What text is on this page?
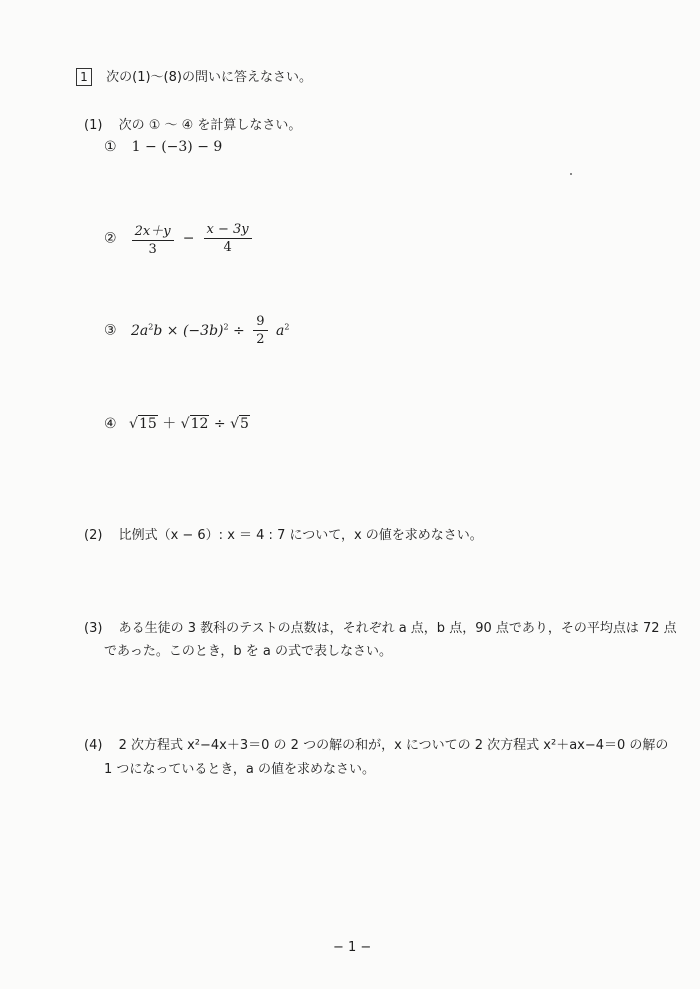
1 次の(1)～(8)の問いに答えなさい。
(1) 次の ① ～ ④ を計算しなさい。
① 1 − (−3) − 9
② $\frac{2x+y}{3} - \frac{x - 3y}{4}$
③ $2a^2b \times (-3b)^2 \div \frac{9}{2} a^2$
④ √15 ＋ √12 ÷ √5
(2) 比例式（x − 6）: x ＝ 4 : 7 について，x の値を求めなさい。
(3) ある生徒の 3 教科のテストの点数は，それぞれ a 点，b 点，90 点であり，その平均点は 72 点
であった。このとき，b を a の式で表しなさい。
(4) 2 次方程式 x²−4x＋3＝0 の 2 つの解の和が，x についての 2 次方程式 x²＋ax−4＝0 の解の
1 つになっているとき，a の値を求めなさい。
− 1 −
